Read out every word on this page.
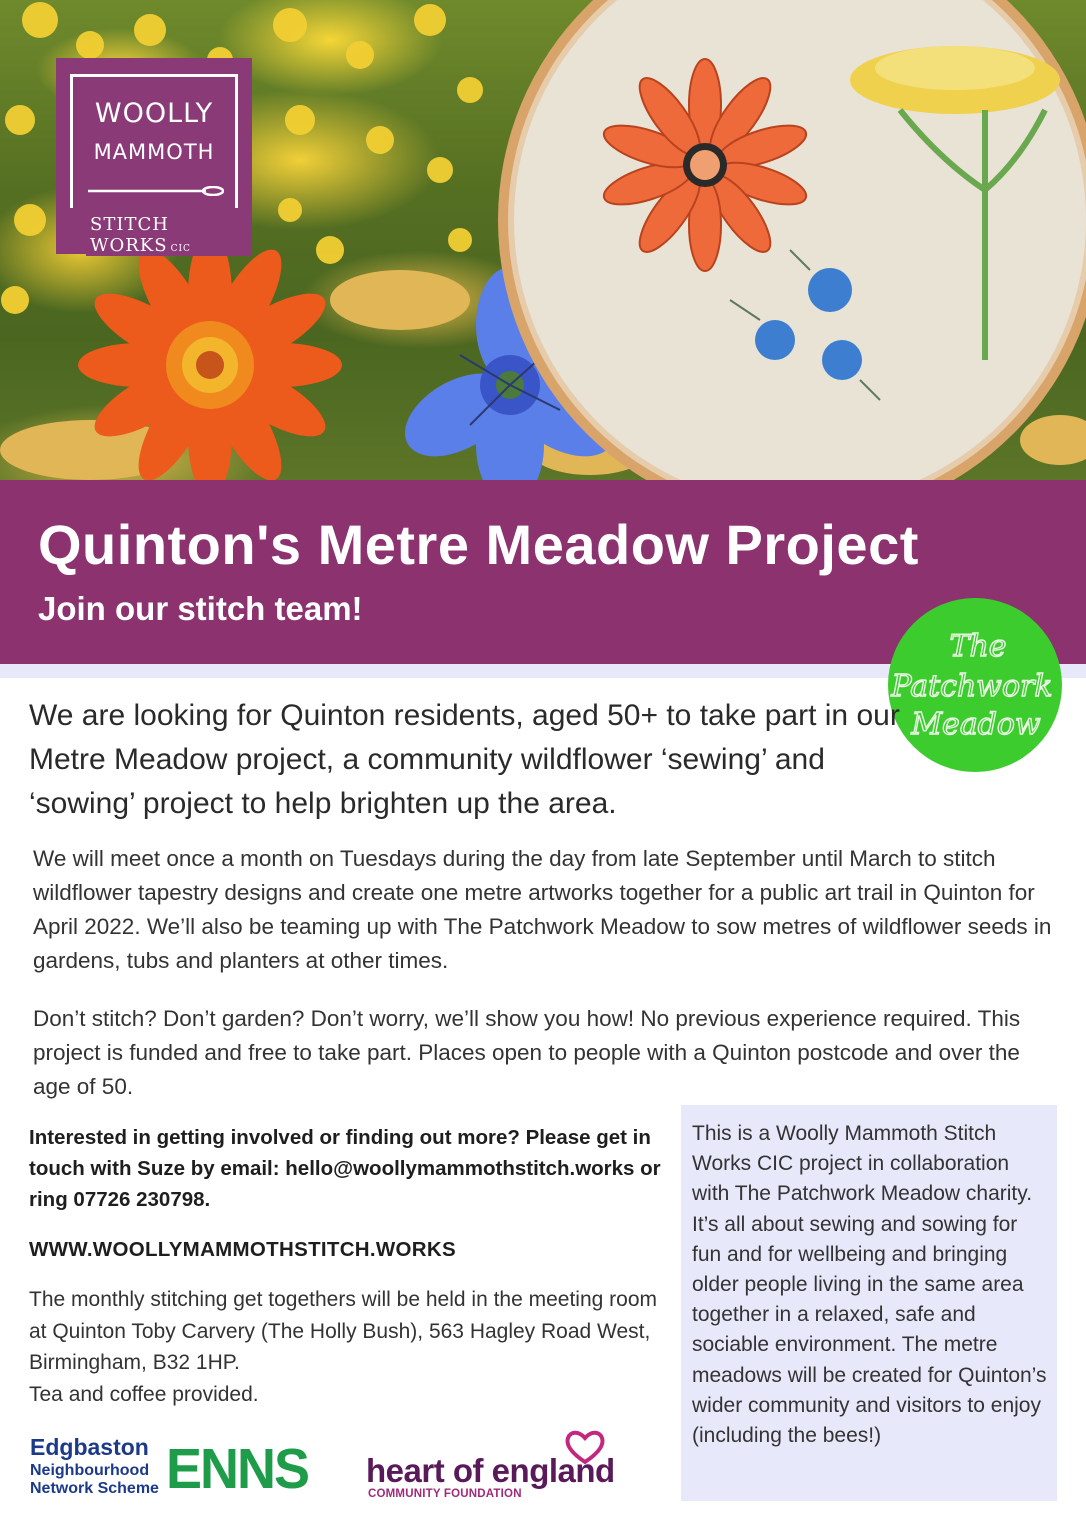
WOOLLY
MAMMOTH
STITCH WORKS CIC
Quinton's Metre Meadow Project
Join our stitch team!
The
Patchwork
Meadow

We are looking for Quinton residents, aged 50+ to take part in our Metre Meadow project, a community wildflower ‘sewing’ and ‘sowing’ project to help brighten up the area.

We will meet once a month on Tuesdays during the day from late September until March to stitch wildflower tapestry designs and create one metre artworks together for a public art trail in Quinton for April 2022. We’ll also be teaming up with The Patchwork Meadow to sow metres of wildflower seeds in gardens, tubs and planters at other times.

Don’t stitch? Don’t garden? Don’t worry, we’ll show you how! No previous experience required. This project is funded and free to take part. Places open to people with a Quinton postcode and over the age of 50.

Interested in getting involved or finding out more? Please get in touch with Suze by email: hello@woollymammothstitch.works or ring 07726 230798.

WWW.WOOLLYMAMMOTHSTITCH.WORKS

The monthly stitching get togethers will be held in the meeting room at Quinton Toby Carvery (The Holly Bush), 563 Hagley Road West, Birmingham, B32 1HP.
Tea and coffee provided.

This is a Woolly Mammoth Stitch Works CIC project in collaboration with The Patchwork Meadow charity. It’s all about sewing and sowing for fun and for wellbeing and bringing older people living in the same area together in a relaxed, safe and sociable environment. The metre meadows will be created for Quinton’s wider community and visitors to enjoy (including the bees!)

Edgbaston
Neighbourhood
Network Scheme ENNS heart of england
COMMUNITY FOUNDATION
